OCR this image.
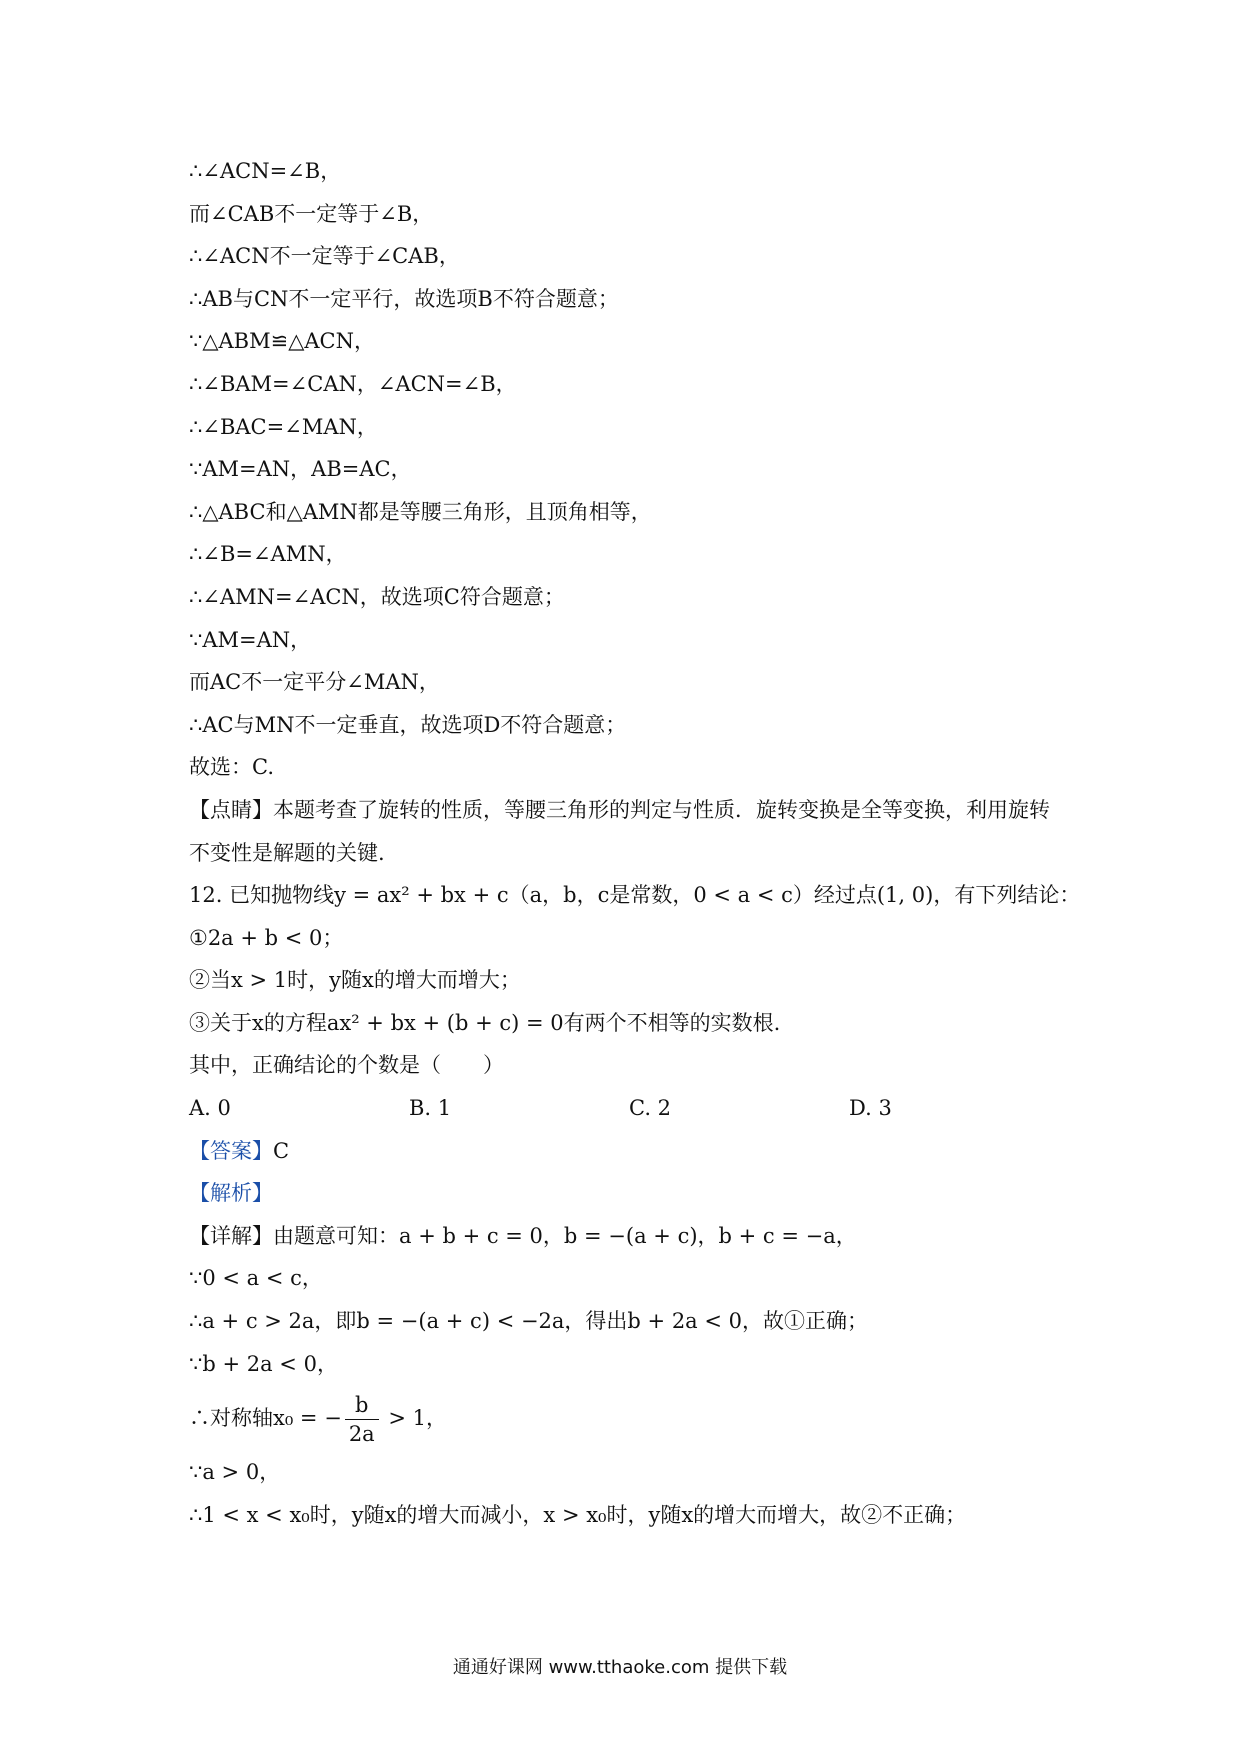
∴∠ACN=∠B，
而∠CAB不一定等于∠B，
∴∠ACN不一定等于∠CAB，
∴AB与CN不一定平行，故选项B不符合题意；
∵△ABM≌△ACN，
∴∠BAM=∠CAN，∠ACN=∠B，
∴∠BAC=∠MAN，
∵AM=AN，AB=AC，
∴△ABC和△AMN都是等腰三角形，且顶角相等，
∴∠B=∠AMN，
∴∠AMN=∠ACN，故选项C符合题意；
∵AM=AN，
而AC不一定平分∠MAN，
∴AC与MN不一定垂直，故选项D不符合题意；
故选：C.
【点睛】本题考查了旋转的性质，等腰三角形的判定与性质．旋转变换是全等变换，利用旋转不变性是解题的关键.
12. 已知抛物线y = ax² + bx + c（a，b，c是常数，0 < a < c）经过点(1, 0)，有下列结论：
①2a + b < 0；
②当x > 1时，y随x的增大而增大；
③关于x的方程ax² + bx + (b + c) = 0有两个不相等的实数根.
其中，正确结论的个数是（　　）
A. 0	B. 1	C. 2	D. 3
【答案】C
【解析】
【详解】由题意可知：a + b + c = 0，b = −(a + c)，b + c = −a，
∵0 < a < c，
∴a + c > 2a，即b = −(a + c) < −2a，得出b + 2a < 0，故①正确；
∵b + 2a < 0，
∴对称轴x₀ = − $\frac{b}{2a} > 1$，
∵a > 0，
∴1 < x < x₀时，y随x的增大而减小，x > x₀时，y随x的增大而增大，故②不正确；
通通好课网 www.tthaoke.com 提供下载
